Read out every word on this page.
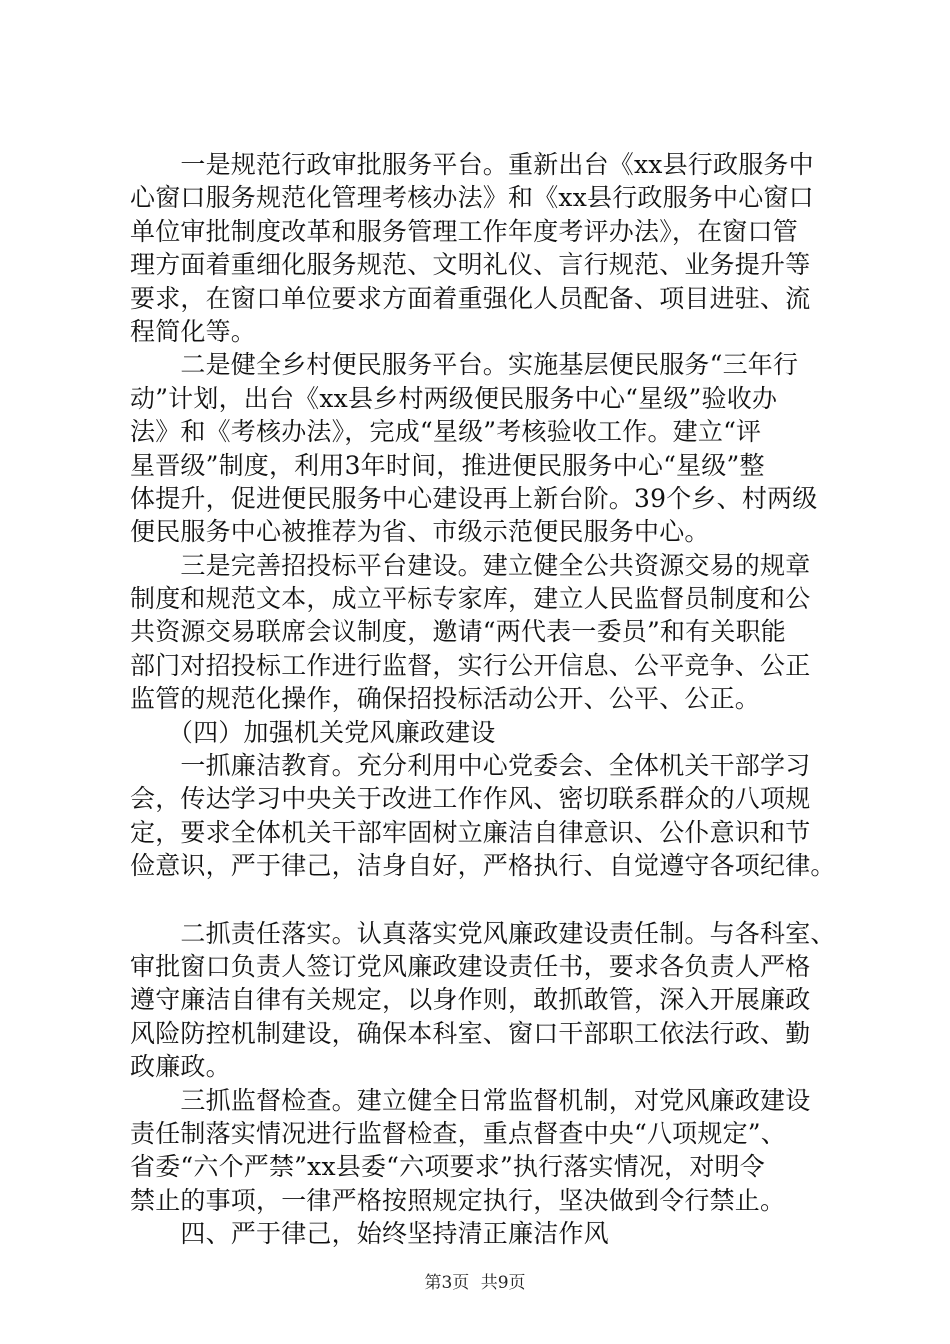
　　一是规范行政审批服务平台。重新出台《xx县行政服务中
心窗口服务规范化管理考核办法》和《xx县行政服务中心窗口
单位审批制度改革和服务管理工作年度考评办法》，在窗口管
理方面着重细化服务规范、文明礼仪、言行规范、业务提升等
要求，在窗口单位要求方面着重强化人员配备、项目进驻、流
程简化等。
　　二是健全乡村便民服务平台。实施基层便民服务“三年行
动”计划，出台《xx县乡村两级便民服务中心“星级”验收办
法》和《考核办法》，完成“星级”考核验收工作。建立“评
星晋级”制度，利用3年时间，推进便民服务中心“星级”整
体提升，促进便民服务中心建设再上新台阶。39个乡、村两级
便民服务中心被推荐为省、市级示范便民服务中心。
　　三是完善招投标平台建设。建立健全公共资源交易的规章
制度和规范文本，成立平标专家库，建立人民监督员制度和公
共资源交易联席会议制度，邀请“两代表一委员”和有关职能
部门对招投标工作进行监督，实行公开信息、公平竞争、公正
监管的规范化操作，确保招投标活动公开、公平、公正。
　　（四）加强机关党风廉政建设
　　一抓廉洁教育。充分利用中心党委会、全体机关干部学习
会，传达学习中央关于改进工作作风、密切联系群众的八项规
定，要求全体机关干部牢固树立廉洁自律意识、公仆意识和节
俭意识，严于律己，洁身自好，严格执行、自觉遵守各项纪律。
　　二抓责任落实。认真落实党风廉政建设责任制。与各科室、
审批窗口负责人签订党风廉政建设责任书，要求各负责人严格
遵守廉洁自律有关规定，以身作则，敢抓敢管，深入开展廉政
风险防控机制建设，确保本科室、窗口干部职工依法行政、勤
政廉政。
　　三抓监督检查。建立健全日常监督机制，对党风廉政建设
责任制落实情况进行监督检查，重点督查中央“八项规定”、
省委“六个严禁”xx县委“六项要求”执行落实情况，对明令
禁止的事项，一律严格按照规定执行，坚决做到令行禁止。
　　四、严于律己，始终坚持清正廉洁作风
第3页 共9页
